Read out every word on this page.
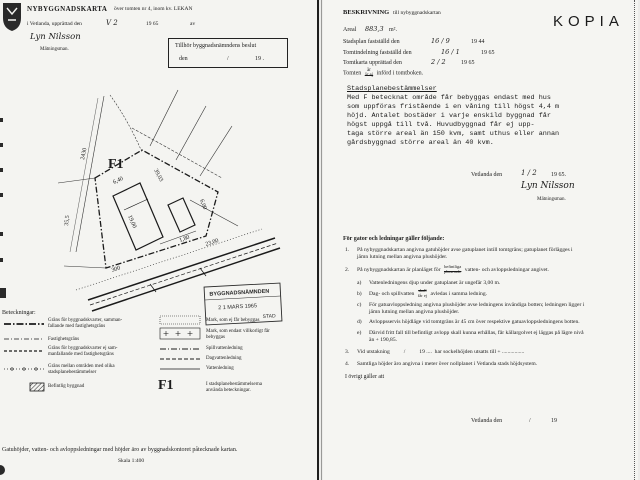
2430
F1
6,40	39,03
19,00
35,5
1,80 23,00
300
6,00
BYGGNADSNÄMNDEN
2 1 MARS 1965
STAD
NYBYGGNADSKARTA över tomten nr 4, inom kv. LEKAN
i Vetlanda, upprättad den	V 2	19 65	av
Lyn Nilsson
Mätningsman.
Tillhör byggnadsnämndens beslut
den	/	19 .
Beteckningar:
Gräns för byggnadskvarter, samman-
fallande med fastighetsgräns
Fastighetsgräns
Gräns för byggnadskvarter ej sam-
manfallande med fastighetsgräns
Gräns mellan områden med olika
stadsplanebestämmelser
Befintlig byggnad
Mark, som ej får bebyggas
Mark, som endast villkorligt får
bebyggas
Spillvattenledning
Dagvattenledning
Vattenledning
F1	I stadsplanebestämmelserna
använda beteckningar.
Gatuhöjder, vatten- och avloppsledningar med höjder äro av byggnadskontoret påtecknade kartan.
Skala 1:400
BESKRIVNING till nybyggnadskartan	KOPIA
Areal 883,3 m².
Stadsplan fastställd den	16 / 9	19 44
Tomtindelning fastställd den	16 / 1	19 65
Tomtkarta upprättad den	2 / 2	19 65
Tomten	är
är ej införd i tomtboken.
Stadsplanebestämmelser
Med F betecknat område får bebyggas endast med hus
som uppföras fristående i en våning till högst 4,4 m
höjd. Antalet bostäder i varje enskild byggnad får
högst uppgå till två. Huvudbyggnad får ej upp-
taga större areal än 150 kvm, samt uthus eller annan
gårdsbyggnad större areal än 40 kvm.
Vetlanda den	1 / 2 19 65.
Lyn Nilsson
Mätningsman.
För gator och ledningar gäller följande:
1. På nybyggnadskartan angivna gatuhöjder avse gatuplanet intill tomtgräns; gatuplanet förlägges i
jämn lutning mellan angivna plushöjder.
2. På nybyggnadskartan är planläget för
befintliga
planerade vatten- och avloppsledningar angivet.
a) Vattenledningens djup under gatuplanet är ungefär 3,00 m.
b) Dag- och spillvatten
skall
får ej avledas i samma ledning.
c) För gatuavloppsledning angivna plushöjder avse ledningens invändiga botten; ledningen ligger i
jämn lutning mellan angivna plushöjder.
d) Avloppsservis höjdläge vid tomtgräns är 45 cm över respektive gatuavloppsledningens botten.
e) Därvid fritt fall till befintligt avlopp skall kunna erhållas, får källargolvet ej läggas på lägre nivå
än + 190,85.
3. Vid utstakning          /          19 ....  har sockelhöjden utsatts till + ................
4. Samtliga höjder äro angivna i meter över nollplanet i Vetlanda stads höjdsystem.
I övrigt gäller att
Vetlanda den	/	19
